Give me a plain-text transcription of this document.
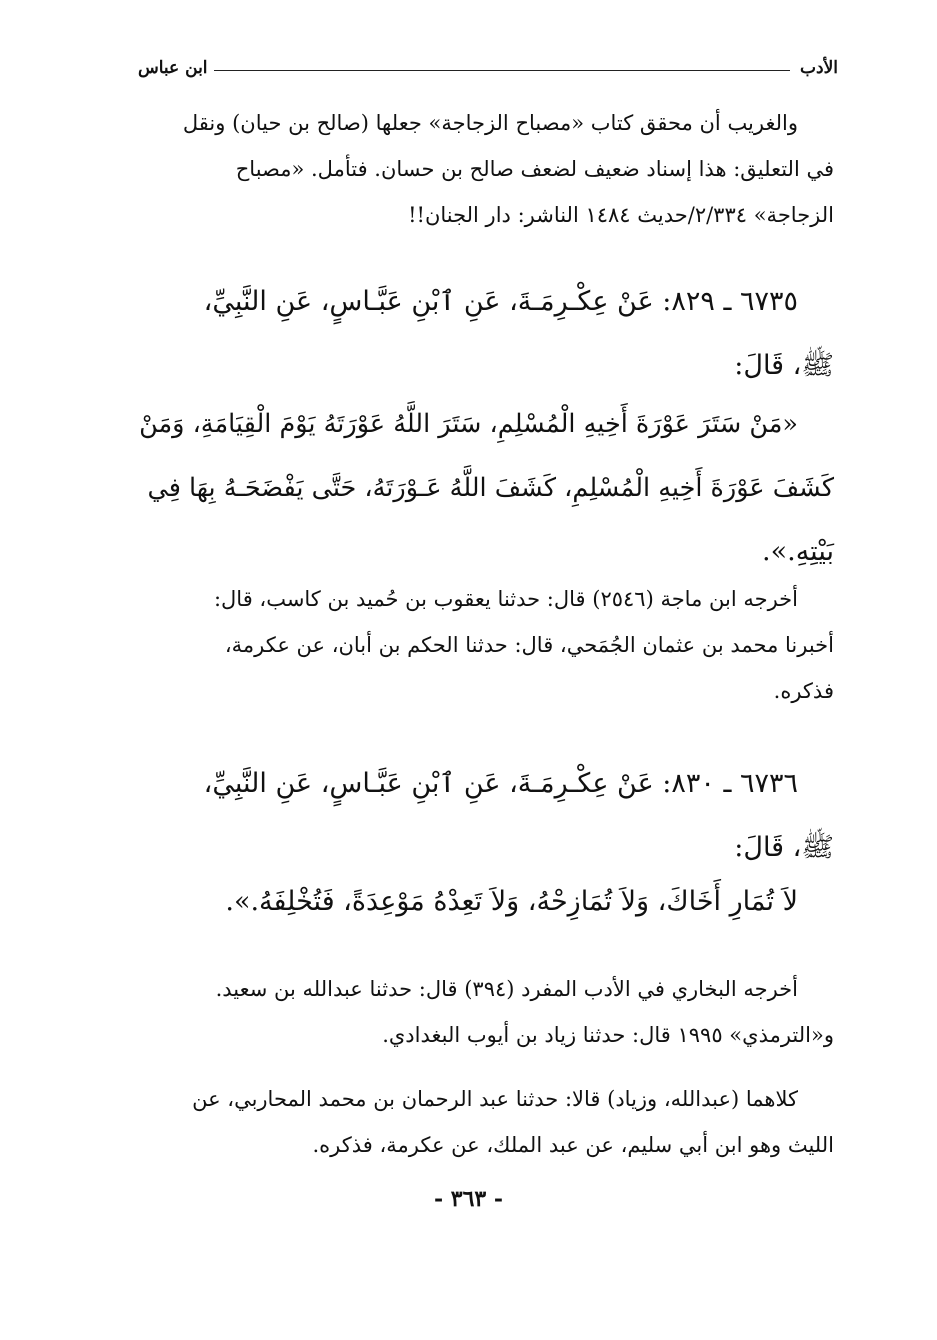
الأدب
ابن عباس
والغريب أن محقق كتاب «مصباح الزجاجة» جعلها (صالح بن حيان) ونقل
في التعليق: هذا إسناد ضعيف لضعف صالح بن حسان. فتأمل. «مصباح
الزجاجة» ٢/٣٣٤/حديث ١٤٨٤ الناشر: دار الجنان!!
٦٧٣٥ ـ ٨٢٩: عَنْ عِكْـرِمَـةَ، عَنِ ٱبْنِ عَبَّـاسٍ، عَنِ النَّبِيِّ،
ﷺ، قَالَ:
«مَنْ سَتَرَ عَوْرَةَ أَخِيهِ الْمُسْلِمِ، سَتَرَ اللَّهُ عَوْرَتَهُ يَوْمَ الْقِيَامَةِ، وَمَنْ
كَشَفَ عَوْرَةَ أَخِيهِ الْمُسْلِمِ، كَشَفَ اللَّهُ عَـوْرَتَهُ، حَتَّى يَفْضَحَـهُ بِهَا فِي
بَيْتِهِ.».
أخرجه ابن ماجة (٢٥٤٦) قال: حدثنا يعقوب بن حُميد بن كاسب، قال:
أخبرنا محمد بن عثمان الجُمَحي، قال: حدثنا الحكم بن أبان، عن عكرمة،
فذكره.
٦٧٣٦ ـ ٨٣٠: عَنْ عِكْـرِمَـةَ، عَنِ ٱبْنِ عَبَّـاسٍ، عَنِ النَّبِيِّ،
ﷺ، قَالَ:
لاَ تُمَارِ أَخَاكَ، وَلاَ تُمَازِحْهُ، وَلاَ تَعِدْهُ مَوْعِدَةً، فَتُخْلِفَهُ.».
أخرجه البخاري في الأدب المفرد (٣٩٤) قال: حدثنا عبدالله بن سعيد.
و«الترمذي» ١٩٩٥ قال: حدثنا زياد بن أيوب البغدادي.
كلاهما (عبدالله، وزياد) قالا: حدثنا عبد الرحمان بن محمد المحاربي، عن
الليث وهو ابن أبي سليم، عن عبد الملك، عن عكرمة، فذكره.
- ٣٦٣ -
